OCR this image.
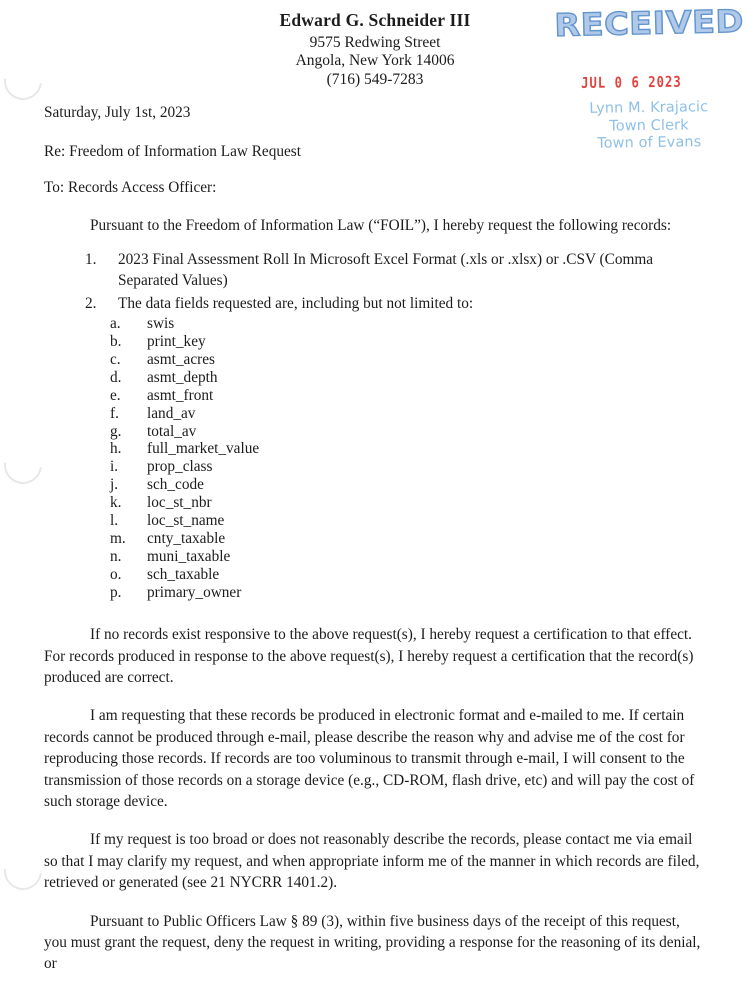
Edward G. Schneider III
9575 Redwing Street
Angola, New York 14006
(716) 549-7283
RECEIVED
JUL 0 6 2023
Lynn M. Krajacic
Town Clerk
Town of Evans
Saturday, July 1st, 2023
Re: Freedom of Information Law Request
To: Records Access Officer:
Pursuant to the Freedom of Information Law (“FOIL”), I hereby request the following records:
1.	2023 Final Assessment Roll In Microsoft Excel Format (.xls or .xlsx) or .CSV (Comma Separated Values)
2.	The data fields requested are, including but not limited to:
a.	swis
b.	print_key
c.	asmt_acres
d.	asmt_depth
e.	asmt_front
f.	land_av
g.	total_av
h.	full_market_value
i.	prop_class
j.	sch_code
k.	loc_st_nbr
l.	loc_st_name
m.	cnty_taxable
n.	muni_taxable
o.	sch_taxable
p.	primary_owner

If no records exist responsive to the above request(s), I hereby request a certification to that effect. For records produced in response to the above request(s), I hereby request a certification that the record(s) produced are correct.

I am requesting that these records be produced in electronic format and e-mailed to me. If certain records cannot be produced through e-mail, please describe the reason why and advise me of the cost for reproducing those records. If records are too voluminous to transmit through e-mail, I will consent to the transmission of those records on a storage device (e.g., CD-ROM, flash drive, etc) and will pay the cost of such storage device.

If my request is too broad or does not reasonably describe the records, please contact me via email so that I may clarify my request, and when appropriate inform me of the manner in which records are filed, retrieved or generated (see 21 NYCRR 1401.2).

Pursuant to Public Officers Law § 89 (3), within five business days of the receipt of this request, you must grant the request, deny the request in writing, providing a response for the reasoning of its denial, or
